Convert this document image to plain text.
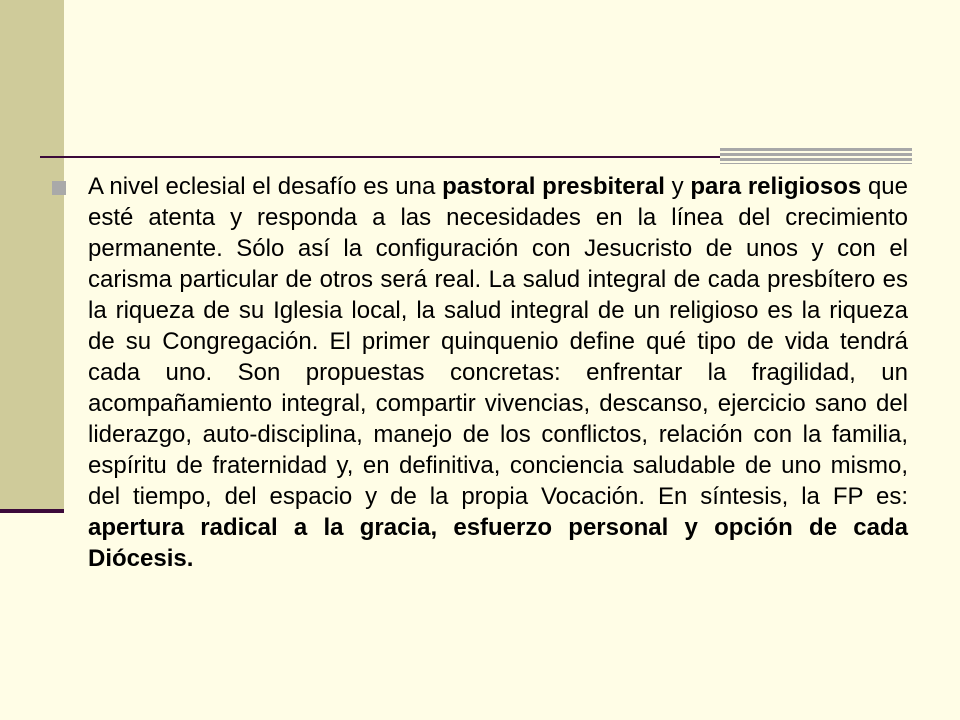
A nivel eclesial el desafío es una pastoral presbiteral y para religiosos que esté atenta y responda a las necesidades en la línea del crecimiento permanente. Sólo así la configuración con Jesucristo de unos y con el carisma particular de otros será real. La salud integral de cada presbítero es la riqueza de su Iglesia local, la salud integral de un religioso es la riqueza de su Congregación. El primer quinquenio define qué tipo de vida tendrá cada uno. Son propuestas concretas: enfrentar la fragilidad, un acompañamiento integral, compartir vivencias, descanso, ejercicio sano del liderazgo, auto-disciplina, manejo de los conflictos, relación con la familia, espíritu de fraternidad y, en definitiva, conciencia saludable de uno mismo, del tiempo, del espacio y de la propia Vocación. En síntesis, la FP es: apertura radical a la gracia, esfuerzo personal y opción de cada Diócesis.
